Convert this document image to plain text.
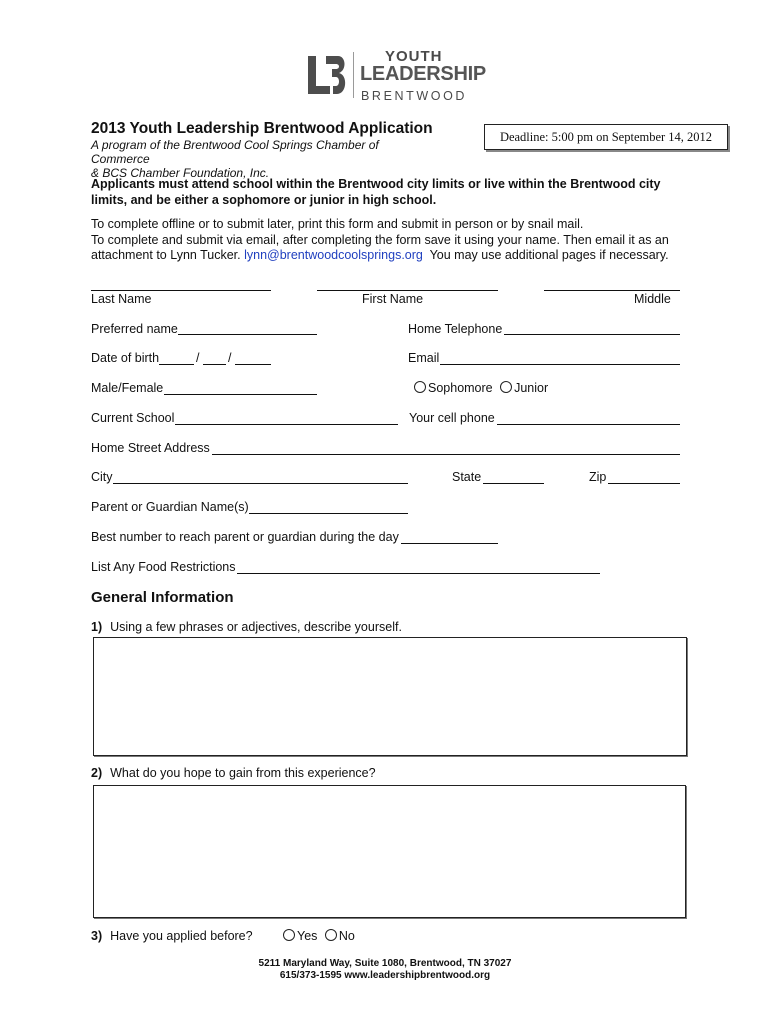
YOUTH
LEADERSHIP
BRENTWOOD
2013 Youth Leadership Brentwood Application
A program of the Brentwood Cool Springs Chamber of Commerce
& BCS Chamber Foundation, Inc.
Deadline: 5:00 pm on September 14, 2012
Applicants must attend school within the Brentwood city limits or live within the Brentwood city limits, and be either a sophomore or junior in high school.
To complete offline or to submit later, print this form and submit in person or by snail mail.
To complete and submit via email, after completing the form save it using your name. Then email it as an
attachment to Lynn Tucker. lynn@brentwoodcoolsprings.org  You may use additional pages if necessary.
Last Name	First Name	Middle
Preferred name	Home Telephone
Date of birth	/ /	Email
Male/Female	Sophomore Junior
Current School	Your cell phone
Home Street Address
City	State	Zip
Parent or Guardian Name(s)
Best number to reach parent or guardian during the day
List Any Food Restrictions
General Information
1) Using a few phrases or adjectives, describe yourself.
2) What do you hope to gain from this experience?
3) Have you applied before?	Yes No
5211 Maryland Way, Suite 1080, Brentwood, TN 37027
615/373-1595 www.leadershipbrentwood.org
